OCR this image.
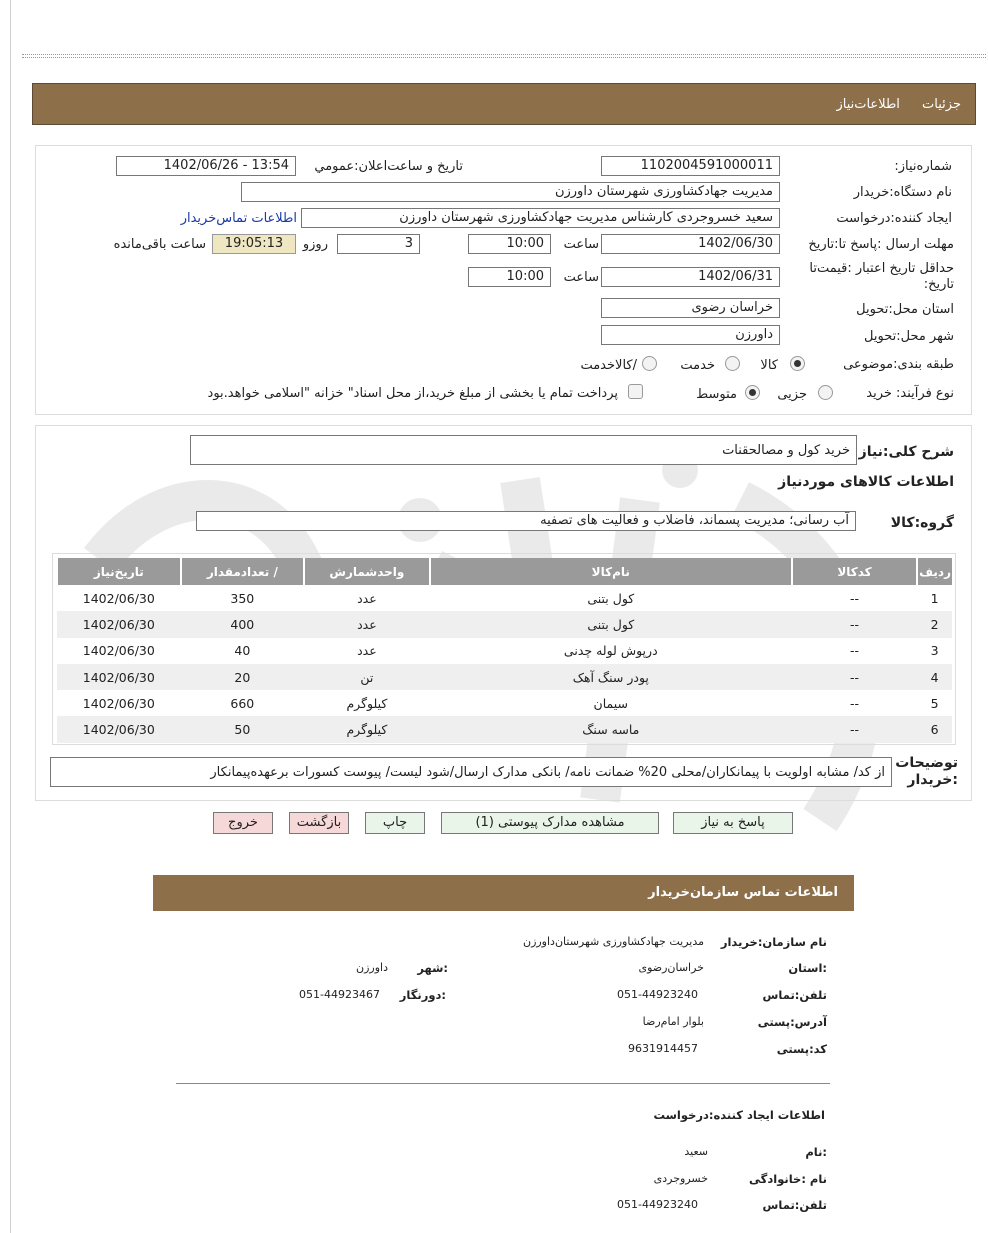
جزئیات اطلاعات‌نیاز
شماره‌نیاز:
1102004591000011
تاریخ و ساعت‌اعلان‌:عمومي
1402/06/26 - 13:54
نام دستگاه:خریدار
مدیریت جهادکشاورزی شهرستان داورزن
ایجاد کننده:درخواست
سعید خسروجردی کارشناس مدیریت جهادکشاورزی شهرستان داورزن
اطلاعات تماس‌خریدار
مهلت ارسال :پاسخ تا:تاریخ
1402/06/30
ساعت
10:00
3
روزو
19:05:13
ساعت باقی‌مانده
حداقل تاریخ اعتبار :قیمت‌تا تاریخ:
1402/06/31
ساعت
10:00
استان محل:تحویل
خراسان رضوی
شهر محل:تحویل
داورزن
طبقه بندی:موضوعی
کالا
خدمت
/کالاخدمت
نوع فرآیند: خرید
جزیی
متوسط
پرداخت تمام یا بخشی از مبلغ خرید،از محل اسناد" خزانه "اسلامی خواهد.بود
شرح کلی:نیاز
خرید کول و مصالحقنات
اطلاعات کالاهای موردنیاز
گروه:کالا
آب رسانی؛ مدیریت پسماند، فاضلاب و فعالیت های تصفیه
ردیف	کدکالا	نام‌کالا	واحدشمارش	/ تعدادمقدار	تاریخ‌نیاز
1	--	کول بتنی	عدد	350	1402/06/30
2	--	کول بتنی	عدد	400	1402/06/30
3	--	درپوش لوله چدنی	عدد	40	1402/06/30
4	--	پودر سنگ آهک	تن	20	1402/06/30
5	--	سیمان	کیلوگرم	660	1402/06/30
6	--	ماسه سنگ	کیلوگرم	50	1402/06/30
توضیحات :خریدار
از کد/ مشابه اولویت با پیمانکاران/محلی 20% ضمانت نامه/ بانکی مدارک ارسال/شود لیست/ پیوست کسورات برعهده‌پیمانکار
پاسخ به نیاز
مشاهده مدارک پیوستی (1)
چاپ
بازگشت
خروج
اطلاعات تماس سازمان‌خریدار
نام سازمان:خریدار
مدیریت جهادکشاورزی شهرستان‌داورزن
:استان
خراسان‌رضوی
:شهر
داورزن
تلفن:تماس
051-44923240
:دورنگار
051-44923467
آدرس:پستی
بلوار امام‌رضا
کد:پستی
9631914457
اطلاعات ایجاد کننده:درخواست
:نام
سعید
نام :خانوادگی
خسروجردی
تلفن:تماس
051-44923240
